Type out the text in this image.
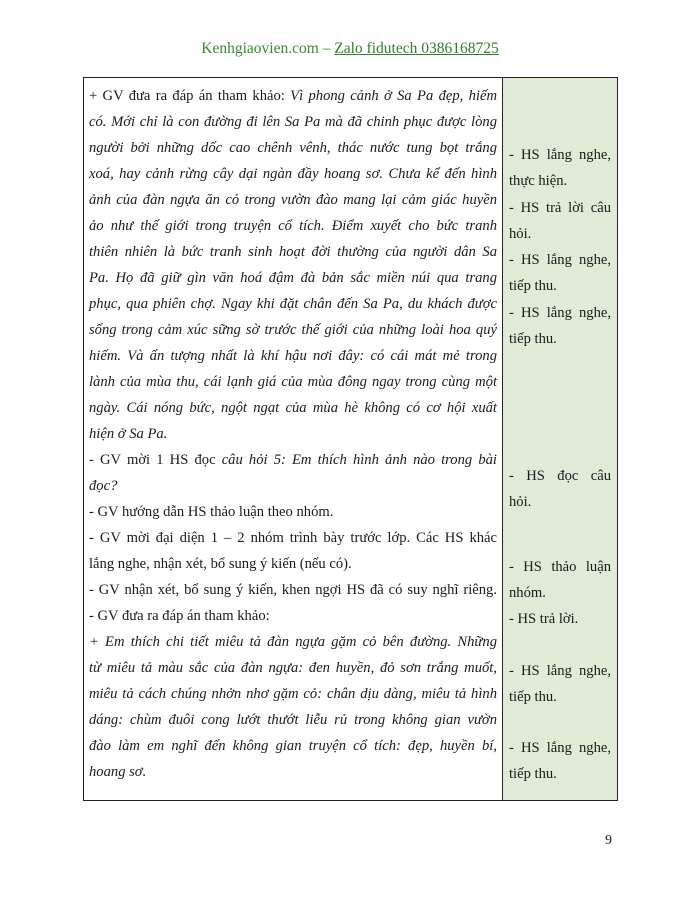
Kenhgiaovien.com – Zalo fidutech 0386168725
+ GV đưa ra đáp án tham khảo: Vì phong cảnh ở Sa Pa đẹp, hiếm
có. Mới chỉ là con đường đi lên Sa Pa mà đã chinh phục được lòng
người bởi những dốc cao chênh vênh, thác nước tung bọt trắng
xoá, hay cảnh rừng cây dại ngàn đầy hoang sơ. Chưa kể đến hình
ảnh của đàn ngựa ăn cỏ trong vườn đào mang lại cảm giác huyền
ảo như thế giới trong truyện cổ tích. Điểm xuyết cho bức tranh
thiên nhiên là bức tranh sinh hoạt đời thường của người dân Sa
Pa. Họ đã giữ gìn văn hoá đậm đà bản sắc miền núi qua trang
phục, qua phiên chợ. Ngay khi đặt chân đến Sa Pa, du khách được
sống trong cảm xúc sững sờ trước thế giới của những loài hoa quý
hiếm. Và ấn tượng nhất là khí hậu nơi đây: có cái mát mẻ trong
lành của mùa thu, cái lạnh giá của mùa đông ngay trong cùng một
ngày. Cái nóng bức, ngột ngạt của mùa hè không có cơ hội xuất
hiện ở Sa Pa.
- GV mời 1 HS đọc câu hỏi 5: Em thích hình ảnh nào trong bài
đọc?
- GV hướng dẫn HS thảo luận theo nhóm.
- GV mời đại diện 1 – 2 nhóm trình bày trước lớp. Các HS khác
lắng nghe, nhận xét, bổ sung ý kiến (nếu có).
- GV nhận xét, bổ sung ý kiến, khen ngợi HS đã có suy nghĩ riêng.
- GV đưa ra đáp án tham khảo:
+ Em thích chi tiết miêu tả đàn ngựa gặm cỏ bên đường. Những
từ miêu tả màu sắc của đàn ngựa: đen huyền, đỏ sơn trắng muốt,
miêu tả cách chúng nhởn nhơ gặm cỏ: chân dịu dàng, miêu tả hình
dáng: chùm đuôi cong lướt thướt liễu rủ trong không gian vườn
đào làm em nghĩ đến không gian truyện cổ tích: đẹp, huyền bí,
hoang sơ.
- HS lắng nghe,
thực hiện.
- HS trả lời câu
hỏi.
- HS lắng nghe,
tiếp thu.
- HS lắng nghe,
tiếp thu.
- HS đọc câu
hỏi.
- HS thảo luận
nhóm.
- HS trả lời.
- HS lắng nghe,
tiếp thu.
- HS lắng nghe,
tiếp thu.
9
